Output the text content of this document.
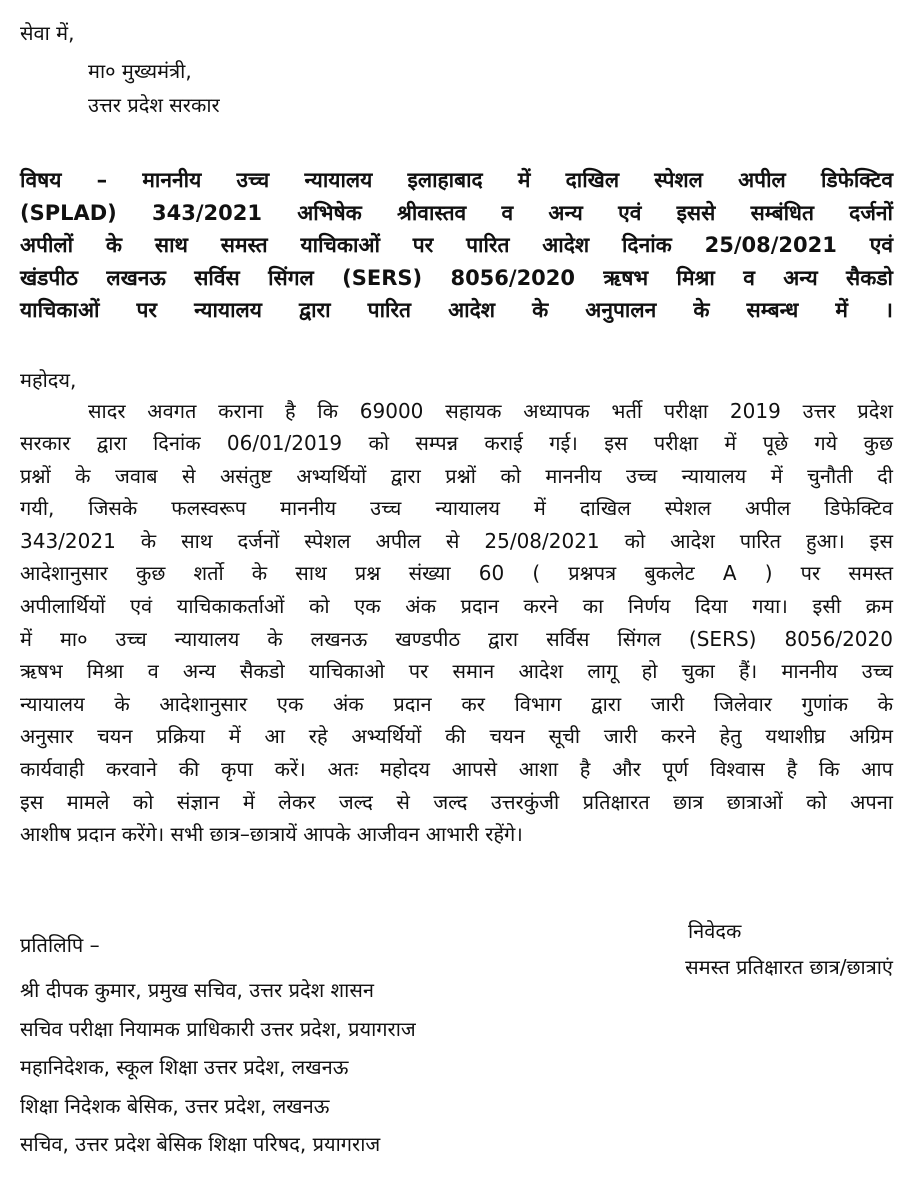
सेवा में,
मा० मुख्यमंत्री,
उत्तर प्रदेश सरकार
विषय – माननीय उच्च न्यायालय इलाहाबाद में दाखिल स्पेशल अपील डिफेक्टिव
(SPLAD) 343/2021 अभिषेक श्रीवास्तव व अन्य एवं इससे सम्बंधित दर्जनों
अपीलों के साथ समस्त याचिकाओं पर पारित आदेश दिनांक 25/08/2021 एवं
खंडपीठ लखनऊ सर्विस सिंगल (SERS) 8056/2020 ऋषभ मिश्रा व अन्य सैकडो
याचिकाओं पर न्यायालय द्वारा पारित आदेश के अनुपालन के सम्बन्ध में ।
महोदय,
सादर अवगत कराना है कि 69000 सहायक अध्यापक भर्ती परीक्षा 2019 उत्तर प्रदेश
सरकार द्वारा दिनांक 06/01/2019 को सम्पन्न कराई गई। इस परीक्षा में पूछे गये कुछ
प्रश्नों के जवाब से असंतुष्ट अभ्यर्थियों द्वारा प्रश्नों को माननीय उच्च न्यायालय में चुनौती दी
गयी, जिसके फलस्वरूप माननीय उच्च न्यायालय में दाखिल स्पेशल अपील डिफेक्टिव
343/2021 के साथ दर्जनों स्पेशल अपील से 25/08/2021 को आदेश पारित हुआ। इस
आदेशानुसार कुछ शर्तो के साथ प्रश्न संख्या 60 ( प्रश्नपत्र बुकलेट A ) पर समस्त
अपीलार्थियों एवं याचिकाकर्ताओं को एक अंक प्रदान करने का निर्णय दिया गया। इसी क्रम
में मा० उच्च न्यायालय के लखनऊ खण्डपीठ द्वारा सर्विस सिंगल (SERS) 8056/2020
ऋषभ मिश्रा व अन्य सैकडो याचिकाओ पर समान आदेश लागू हो चुका हैं। माननीय उच्च
न्यायालय के आदेशानुसार एक अंक प्रदान कर विभाग द्वारा जारी जिलेवार गुणांक के
अनुसार चयन प्रक्रिया में आ रहे अभ्यर्थियों की चयन सूची जारी करने हेतु यथाशीघ्र अग्रिम
कार्यवाही करवाने की कृपा करें। अतः महोदय आपसे आशा है और पूर्ण विश्वास है कि आप
इस मामले को संज्ञान में लेकर जल्द से जल्द उत्तरकुंजी प्रतिक्षारत छात्र छात्राओं को अपना
आशीष प्रदान करेंगे। सभी छात्र–छात्रायें आपके आजीवन आभारी रहेंगे।
प्रतिलिपि –
निवेदक
समस्त प्रतिक्षारत छात्र/छात्राएं
श्री दीपक कुमार, प्रमुख सचिव, उत्तर प्रदेश शासन
सचिव परीक्षा नियामक प्राधिकारी उत्तर प्रदेश, प्रयागराज
महानिदेशक, स्कूल शिक्षा उत्तर प्रदेश, लखनऊ
शिक्षा निदेशक बेसिक, उत्तर प्रदेश, लखनऊ
सचिव, उत्तर प्रदेश बेसिक शिक्षा परिषद, प्रयागराज
